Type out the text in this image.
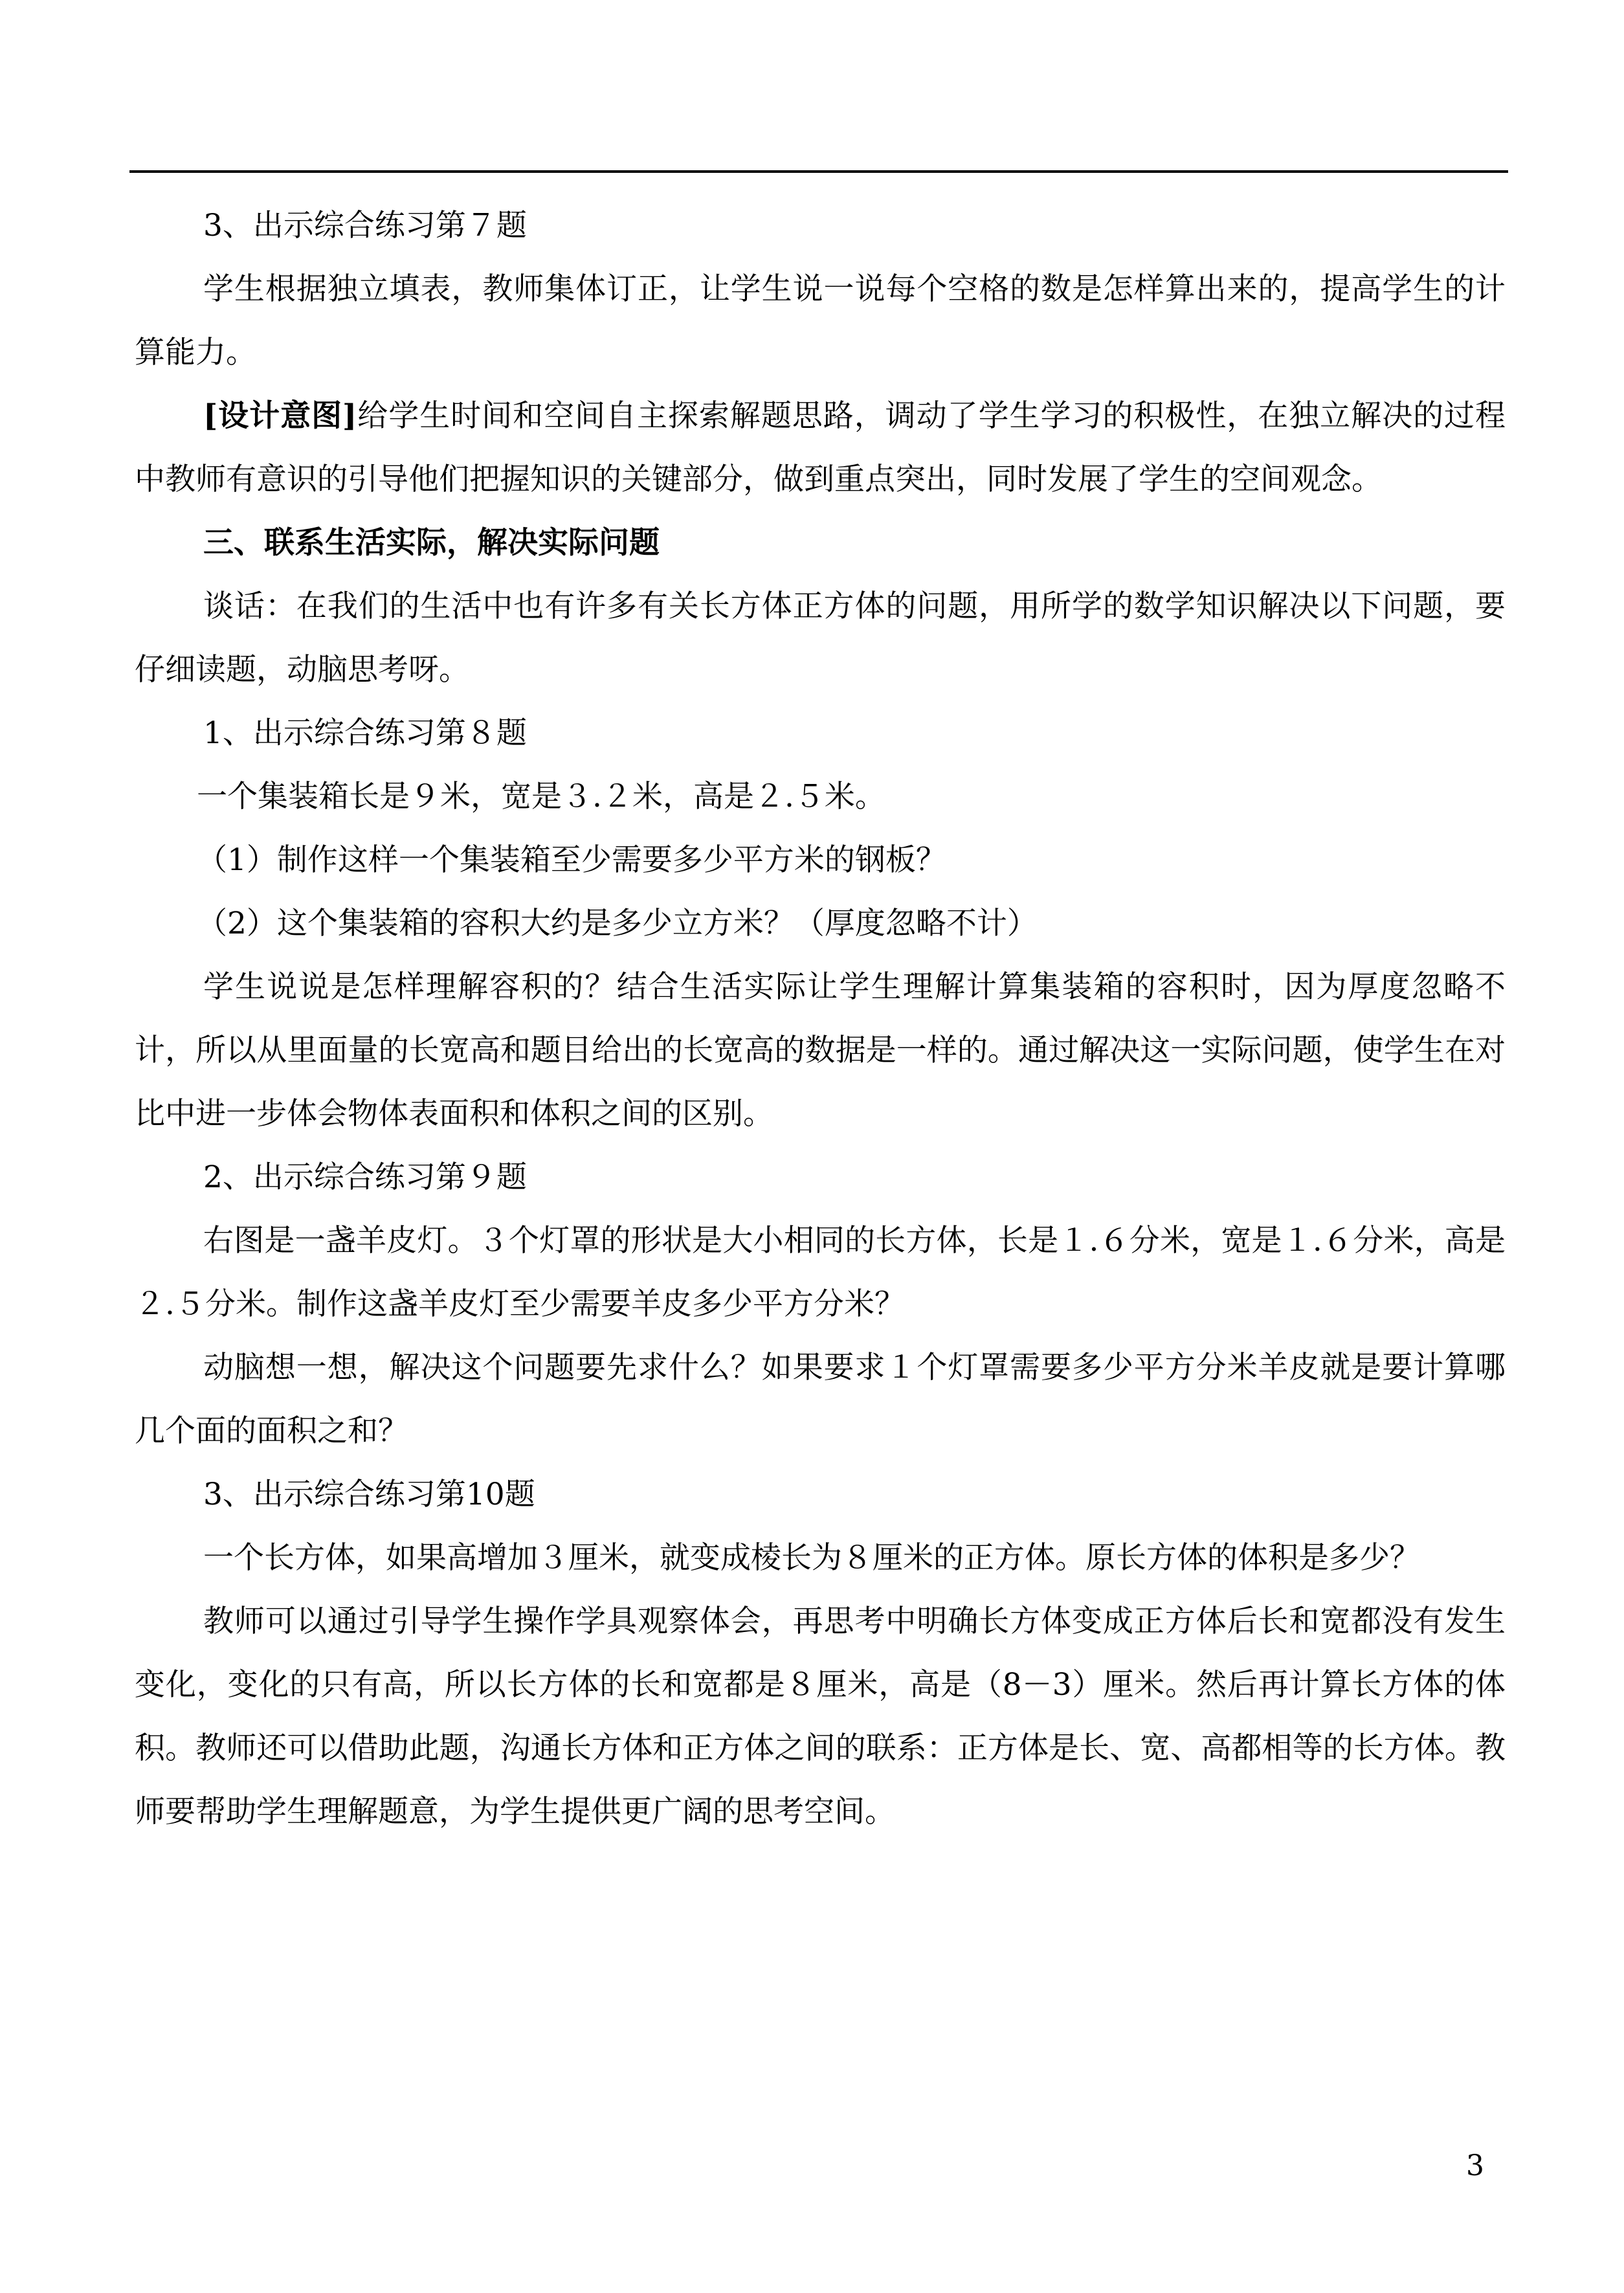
3、出示综合练习第７题

学生根据独立填表，教师集体订正，让学生说一说每个空格的数是怎样算出来的，提高学生的计算能力。

[设计意图]给学生时间和空间自主探索解题思路，调动了学生学习的积极性，在独立解决的过程中教师有意识的引导他们把握知识的关键部分，做到重点突出，同时发展了学生的空间观念。

三、联系生活实际，解决实际问题

谈话：在我们的生活中也有许多有关长方体正方体的问题，用所学的数学知识解决以下问题，要仔细读题，动脑思考呀。

1、出示综合练习第８题

一个集装箱长是９米，宽是３.２米，高是２.５米。

（1）制作这样一个集装箱至少需要多少平方米的钢板？

（2）这个集装箱的容积大约是多少立方米？（厚度忽略不计）

学生说说是怎样理解容积的？结合生活实际让学生理解计算集装箱的容积时，因为厚度忽略不计，所以从里面量的长宽高和题目给出的长宽高的数据是一样的。通过解决这一实际问题，使学生在对比中进一步体会物体表面积和体积之间的区别。

2、出示综合练习第９题

右图是一盏羊皮灯。３个灯罩的形状是大小相同的长方体，长是１.６分米，宽是１.６分米，高是２.５分米。制作这盏羊皮灯至少需要羊皮多少平方分米？

动脑想一想，解决这个问题要先求什么？如果要求１个灯罩需要多少平方分米羊皮就是要计算哪几个面的面积之和？

3、出示综合练习第10题

一个长方体，如果高增加３厘米，就变成棱长为８厘米的正方体。原长方体的体积是多少？

教师可以通过引导学生操作学具观察体会，再思考中明确长方体变成正方体后长和宽都没有发生变化，变化的只有高，所以长方体的长和宽都是８厘米，高是（8－3）厘米。然后再计算长方体的体积。教师还可以借助此题，沟通长方体和正方体之间的联系：正方体是长、宽、高都相等的长方体。教师要帮助学生理解题意，为学生提供更广阔的思考空间。

3
